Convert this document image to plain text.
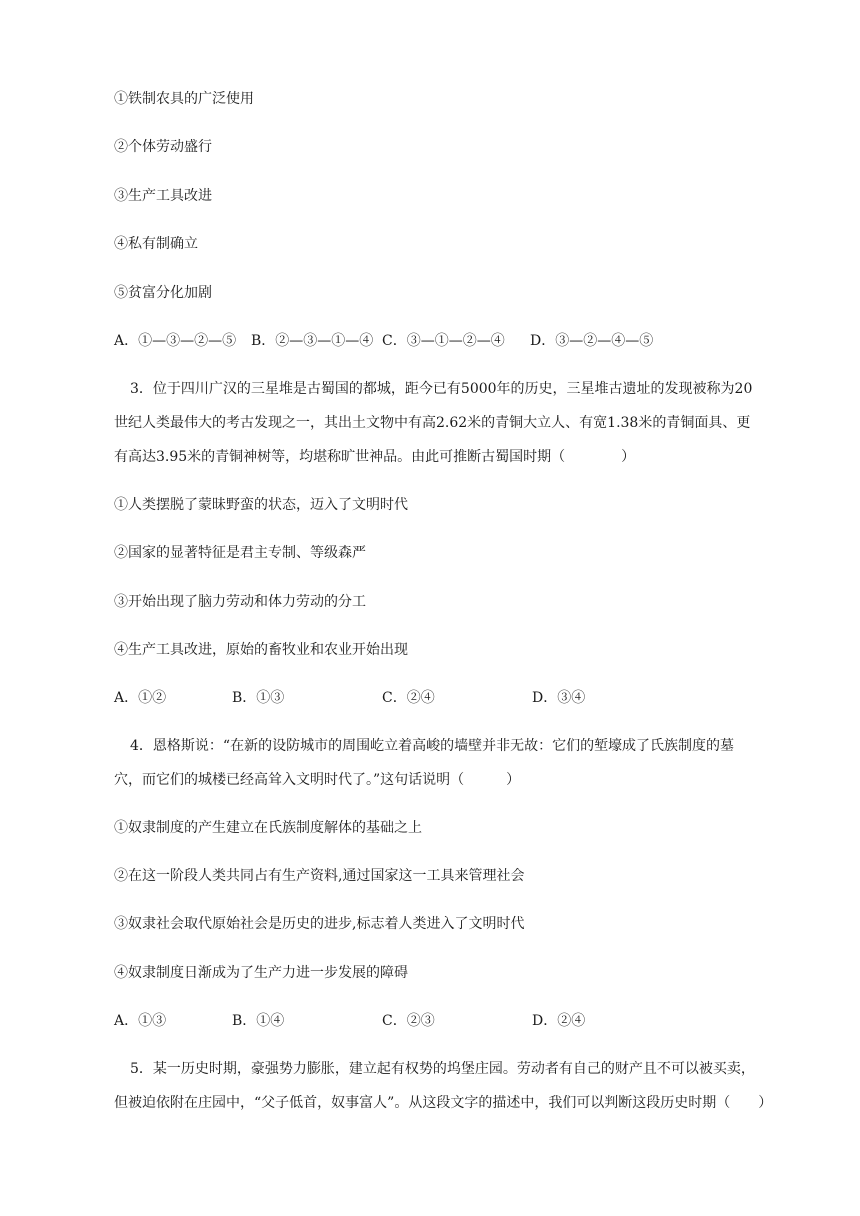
①铁制农具的广泛使用
②个体劳动盛行
③生产工具改进
④私有制确立
⑤贫富分化加剧
A．①—③—②—⑤ B．②—③—①—④ C．③—①—②—④ D．③—②—④—⑤
3．位于四川广汉的三星堆是古蜀国的都城，距今已有5000年的历史，三星堆古遗址的发现被称为20
世纪人类最伟大的考古发现之一，其出土文物中有高2.62米的青铜大立人、有宽1.38米的青铜面具、更
有高达3.95米的青铜神树等，均堪称旷世神品。由此可推断古蜀国时期（　　　　）
①人类摆脱了蒙昧野蛮的状态，迈入了文明时代
②国家的显著特征是君主专制、等级森严
③开始出现了脑力劳动和体力劳动的分工
④生产工具改进，原始的畜牧业和农业开始出现
A．①②	B．①③	C．②④	D．③④
4．恩格斯说：“在新的设防城市的周围屹立着高峻的墙壁并非无故：它们的堑壕成了氏族制度的墓
穴，而它们的城楼已经高耸入文明时代了。”这句话说明（　　　）
①奴隶制度的产生建立在氏族制度解体的基础之上
②在这一阶段人类共同占有生产资料,通过国家这一工具来管理社会
③奴隶社会取代原始社会是历史的进步,标志着人类进入了文明时代
④奴隶制度日渐成为了生产力进一步发展的障碍
A．①③	B．①④	C．②③	D．②④
5．某一历史时期，豪强势力膨胀，建立起有权势的坞堡庄园。劳动者有自己的财产且不可以被买卖，
但被迫依附在庄园中，“父子低首，奴事富人”。从这段文字的描述中，我们可以判断这段历史时期（　　）
